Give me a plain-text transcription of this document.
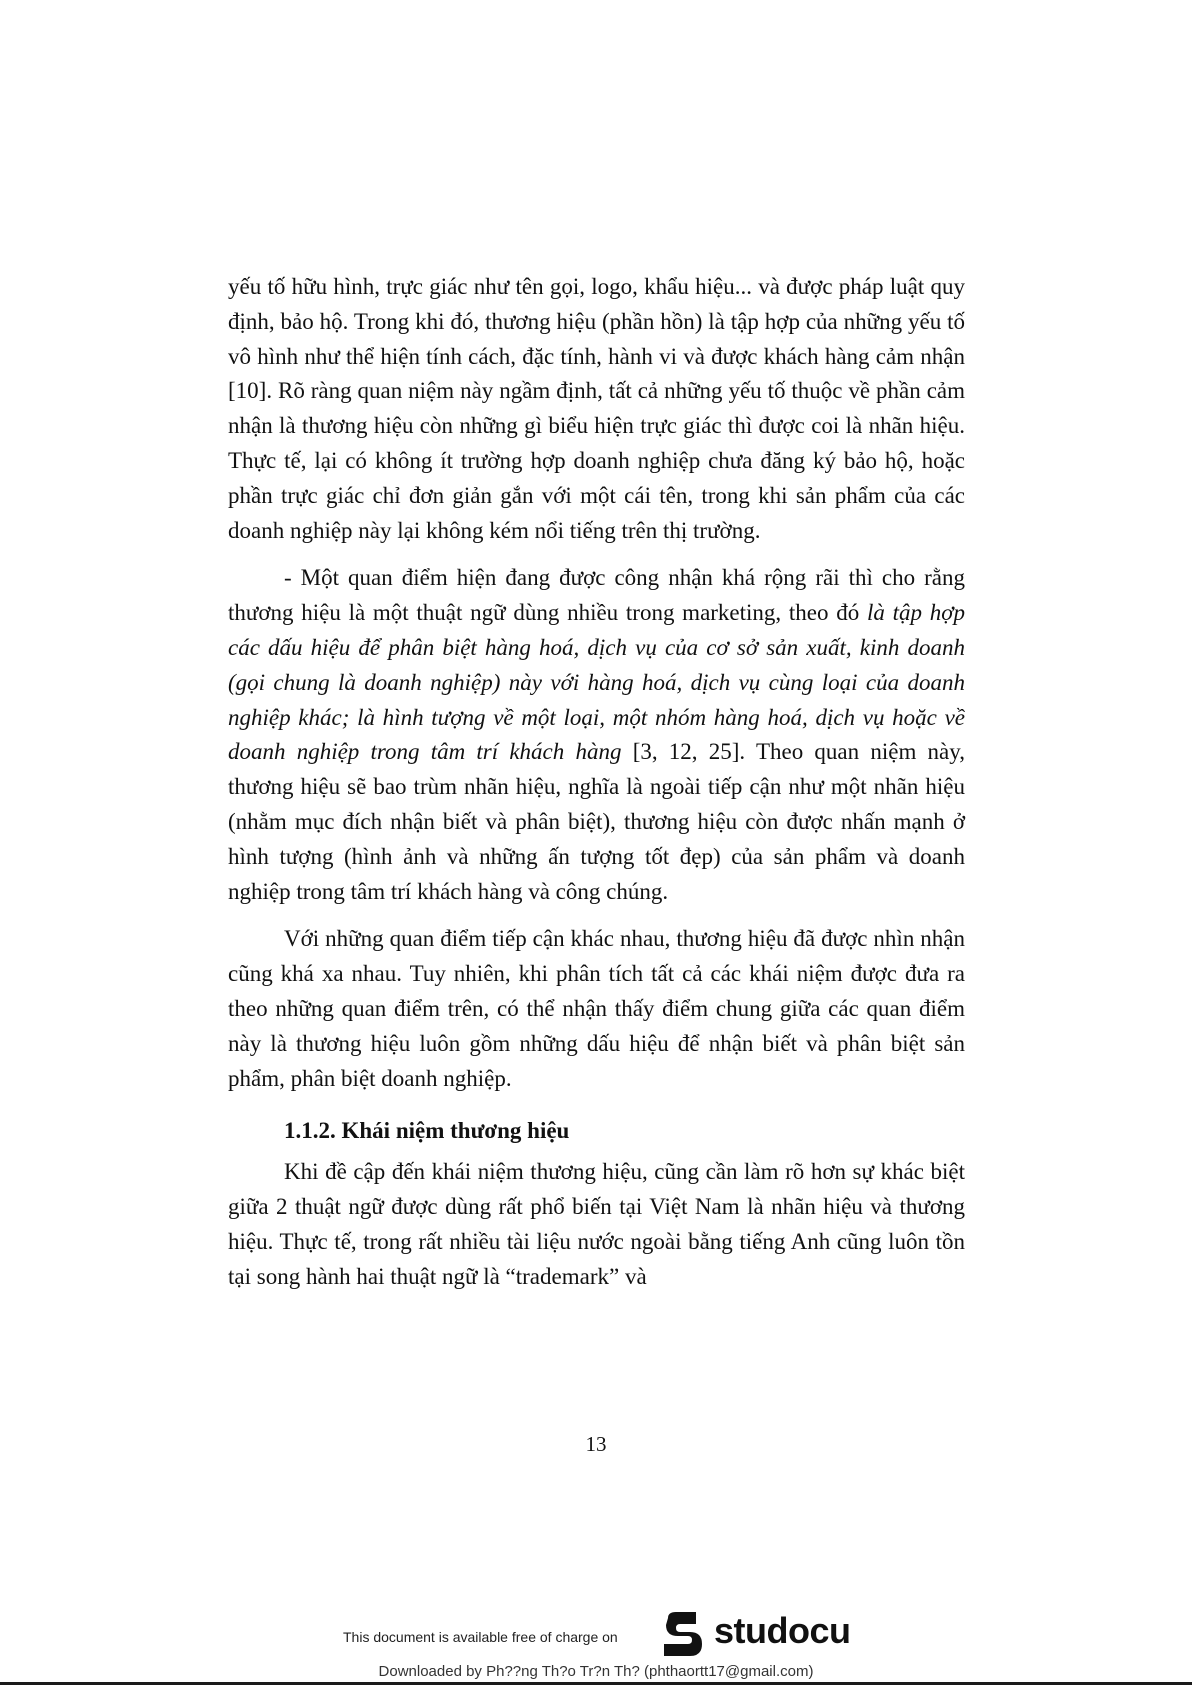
yếu tố hữu hình, trực giác như tên gọi, logo, khẩu hiệu... và được pháp luật quy định, bảo hộ. Trong khi đó, thương hiệu (phần hồn) là tập hợp của những yếu tố vô hình như thể hiện tính cách, đặc tính, hành vi và được khách hàng cảm nhận [10]. Rõ ràng quan niệm này ngầm định, tất cả những yếu tố thuộc về phần cảm nhận là thương hiệu còn những gì biểu hiện trực giác thì được coi là nhãn hiệu. Thực tế, lại có không ít trường hợp doanh nghiệp chưa đăng ký bảo hộ, hoặc phần trực giác chỉ đơn giản gắn với một cái tên, trong khi sản phẩm của các doanh nghiệp này lại không kém nổi tiếng trên thị trường.

- Một quan điểm hiện đang được công nhận khá rộng rãi thì cho rằng thương hiệu là một thuật ngữ dùng nhiều trong marketing, theo đó là tập hợp các dấu hiệu để phân biệt hàng hoá, dịch vụ của cơ sở sản xuất, kinh doanh (gọi chung là doanh nghiệp) này với hàng hoá, dịch vụ cùng loại của doanh nghiệp khác; là hình tượng về một loại, một nhóm hàng hoá, dịch vụ hoặc về doanh nghiệp trong tâm trí khách hàng [3, 12, 25]. Theo quan niệm này, thương hiệu sẽ bao trùm nhãn hiệu, nghĩa là ngoài tiếp cận như một nhãn hiệu (nhằm mục đích nhận biết và phân biệt), thương hiệu còn được nhấn mạnh ở hình tượng (hình ảnh và những ấn tượng tốt đẹp) của sản phẩm và doanh nghiệp trong tâm trí khách hàng và công chúng.

Với những quan điểm tiếp cận khác nhau, thương hiệu đã được nhìn nhận cũng khá xa nhau. Tuy nhiên, khi phân tích tất cả các khái niệm được đưa ra theo những quan điểm trên, có thể nhận thấy điểm chung giữa các quan điểm này là thương hiệu luôn gồm những dấu hiệu để nhận biết và phân biệt sản phẩm, phân biệt doanh nghiệp.

1.1.2. Khái niệm thương hiệu

Khi đề cập đến khái niệm thương hiệu, cũng cần làm rõ hơn sự khác biệt giữa 2 thuật ngữ được dùng rất phổ biến tại Việt Nam là nhãn hiệu và thương hiệu. Thực tế, trong rất nhiều tài liệu nước ngoài bằng tiếng Anh cũng luôn tồn tại song hành hai thuật ngữ là “trademark” và

13
This document is available free of charge on	studocu
Downloaded by Ph??ng Th?o Tr?n Th? (phthaortt17@gmail.com)
